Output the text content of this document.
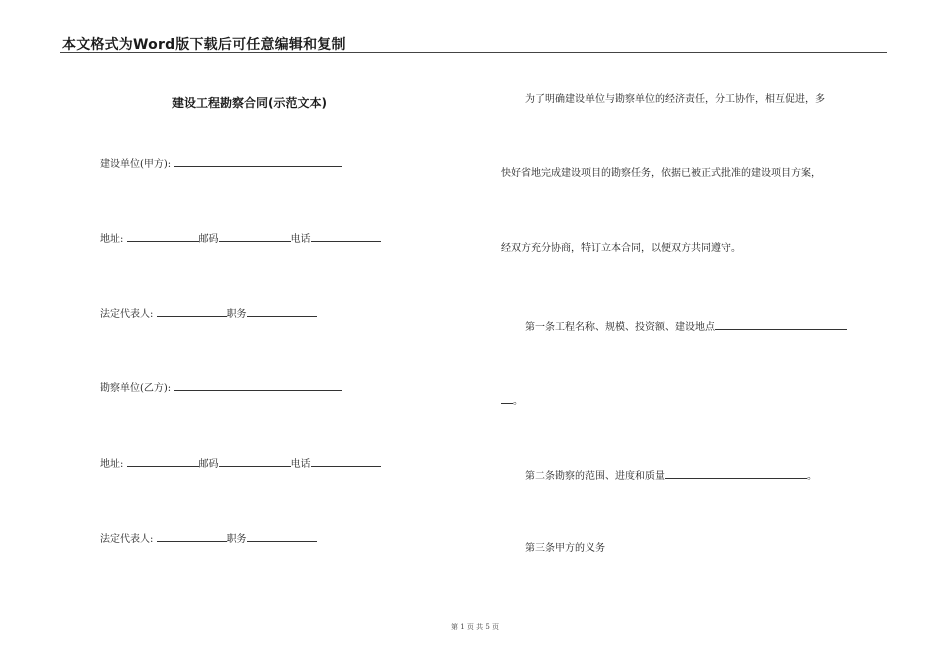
本文格式为Word版下载后可任意编辑和复制
建设工程勘察合同(示范文本)
建设单位(甲方):
地址:	邮码	电话
法定代表人:	职务
勘察单位(乙方):
地址:	邮码	电话
法定代表人:	职务
为了明确建设单位与勘察单位的经济责任，分工协作，相互促进，多
快好省地完成建设项目的勘察任务，依据已被正式批准的建设项目方案，
经双方充分协商，特订立本合同，以便双方共同遵守。
第一条工程名称、规模、投资额、建设地点
。
第二条勘察的范围、进度和质量	。
第三条甲方的义务
第 1 页 共 5 页
